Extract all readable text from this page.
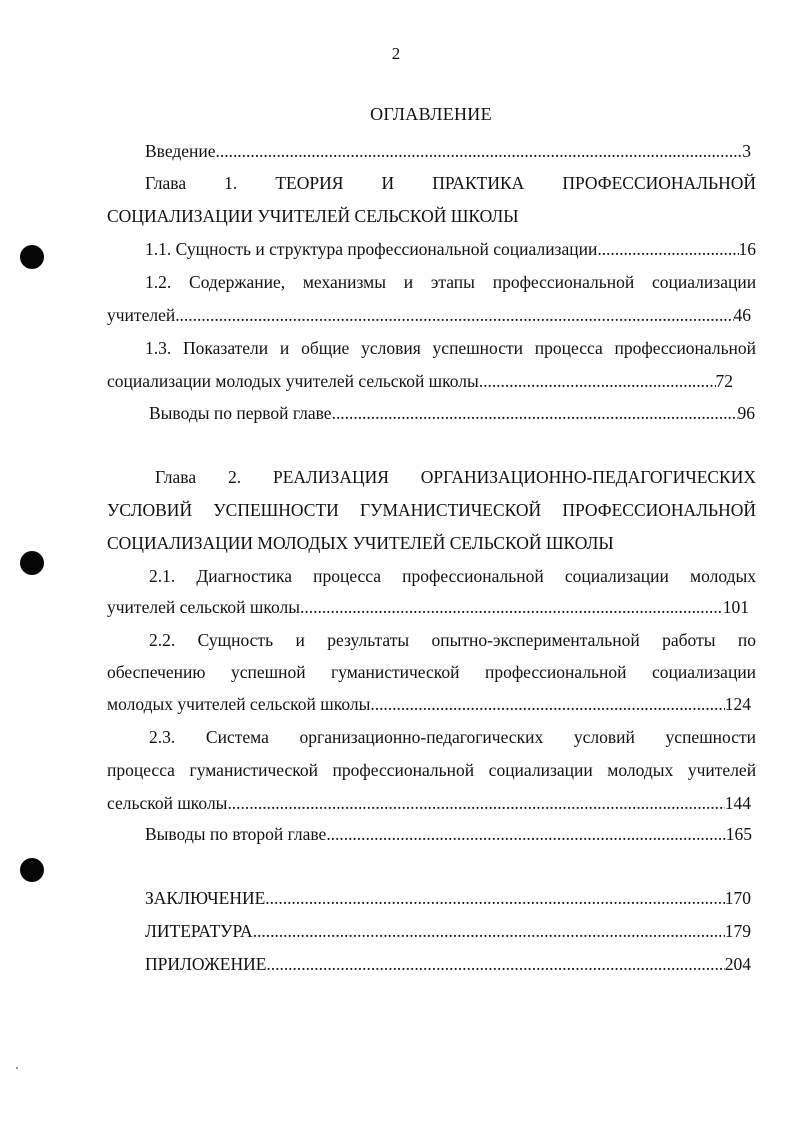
2
ОГЛАВЛЕНИЕ
Введение . . .	3
Глава 1. ТЕОРИЯ И ПРАКТИКА ПРОФЕССИОНАЛЬНОЙ
СОЦИАЛИЗАЦИИ УЧИТЕЛЕЙ СЕЛЬСКОЙ ШКОЛЫ
1.1. Сущность и структура профессиональной социализации . . .	16
1.2. Содержание, механизмы и этапы профессиональной социализации
учителей . . .	46
1.3. Показатели и общие условия успешности процесса профессиональной
социализации молодых учителей сельской школы . . .	72
Выводы по первой главе . . .	96
Глава 2. РЕАЛИЗАЦИЯ ОРГАНИЗАЦИОННО-ПЕДАГОГИЧЕСКИХ
УСЛОВИЙ УСПЕШНОСТИ ГУМАНИСТИЧЕСКОЙ ПРОФЕССИОНАЛЬНОЙ
СОЦИАЛИЗАЦИИ МОЛОДЫХ УЧИТЕЛЕЙ СЕЛЬСКОЙ ШКОЛЫ
2.1. Диагностика процесса профессиональной социализации молодых
учителей сельской школы.. . . .	101
2.2. Сущность и результаты опытно-экспериментальной работы по
обеспечению успешной гуманистической профессиональной социализации
молодых учителей сельской школы . . .	124
2.3. Система организационно-педагогических условий успешности
процесса гуманистической профессиональной социализации молодых учителей
сельской школы . . .	144
Выводы по второй главе . . .	165
ЗАКЛЮЧЕНИЕ. . . .	170
ЛИТЕРАТУРА . . .	179
ПРИЛОЖЕНИЕ . . .	204
